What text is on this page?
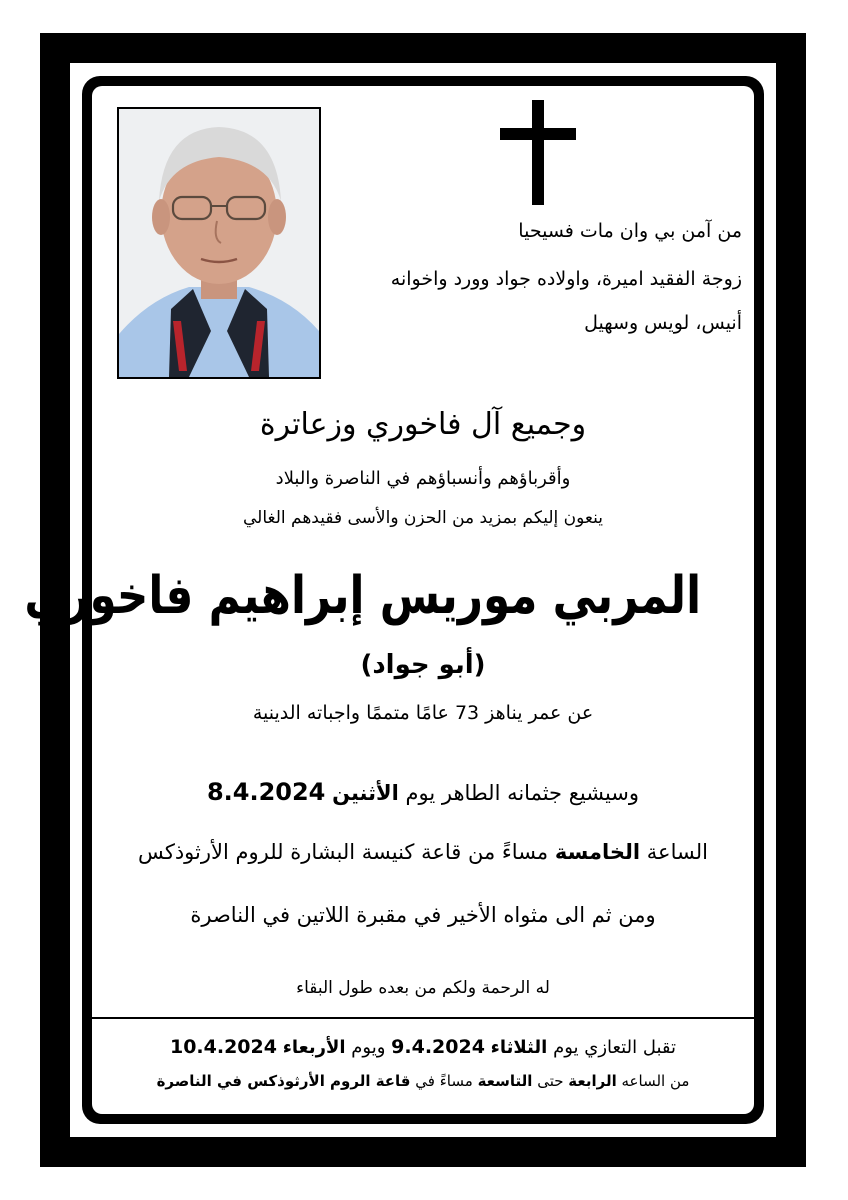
من آمن بي وان مات فسيحيا
زوجة الفقيد اميرة، واولاده جواد وورد واخوانه
أنيس، لويس وسهيل
وجميع آل فاخوري وزعاترة
وأقرباؤهم وأنسباؤهم في الناصرة والبلاد
ينعون إليكم بمزيد من الحزن والأسى فقيدهم الغالي
المربي موريس إبراهيم فاخوري
(أبو جواد)
عن عمر يناهز 73 عامًا متممًا واجباته الدينية
وسيشيع جثمانه الطاهر يوم الأثنين 8.4.2024
الساعة الخامسة مساءً من قاعة كنيسة البشارة للروم الأرثوذكس
ومن ثم الى مثواه الأخير في مقبرة اللاتين في الناصرة
له الرحمة ولكم من بعده طول البقاء
تقبل التعازي يوم الثلاثاء 9.4.2024 ويوم الأربعاء 10.4.2024
من الساعه الرابعة حتى التاسعة مساءً في قاعة الروم الأرثوذكس في الناصرة
